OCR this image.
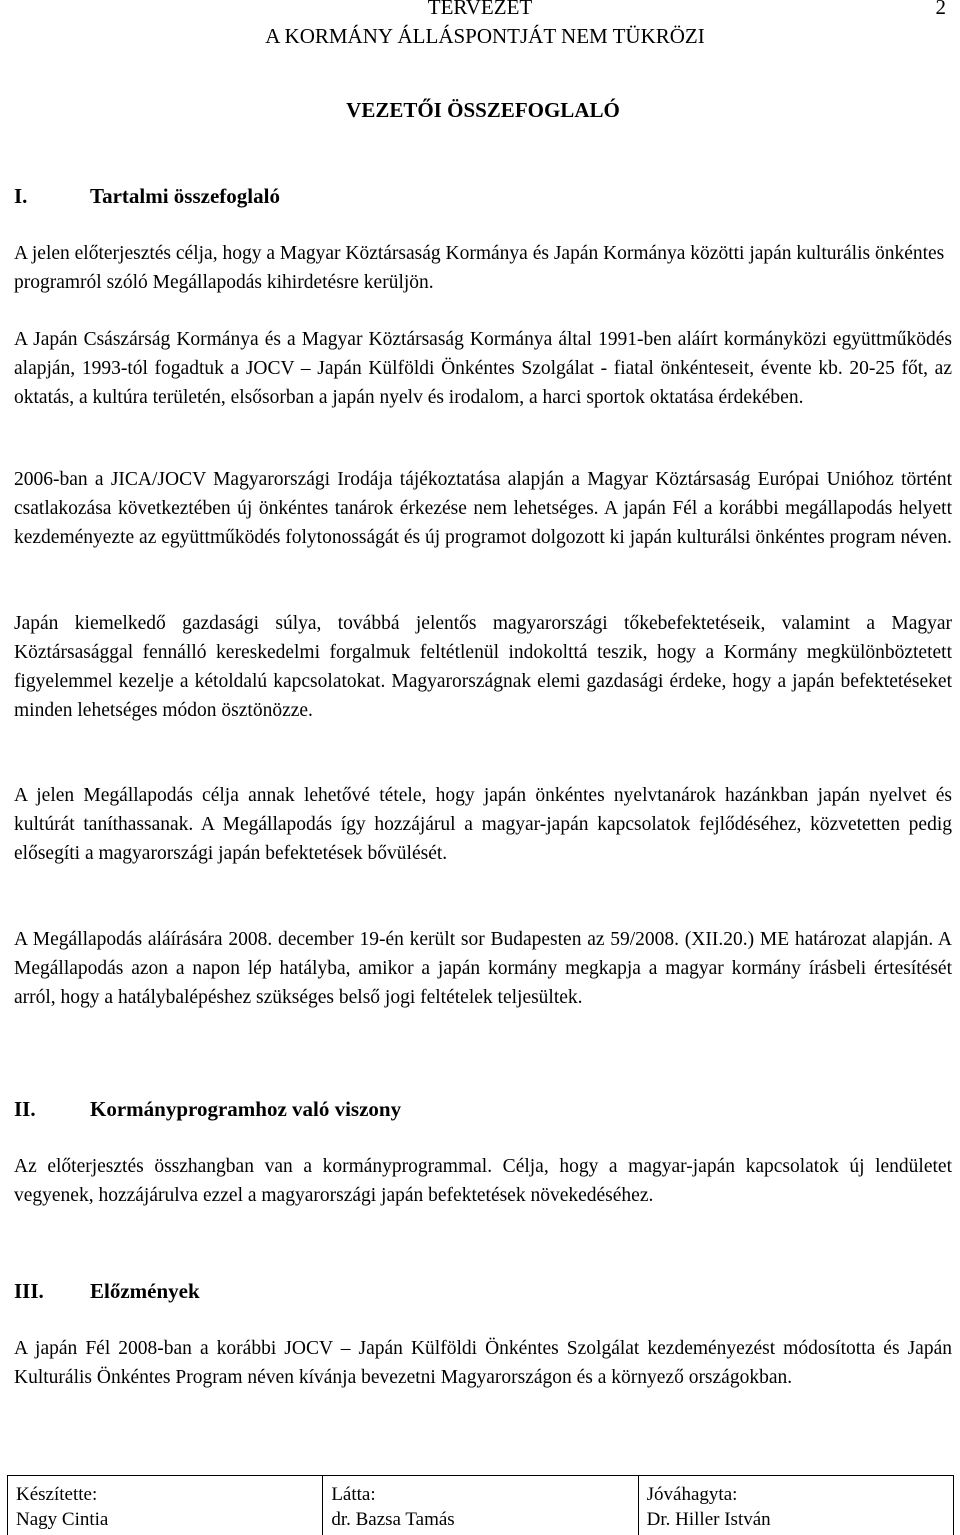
TERVEZET
A KORMÁNY ÁLLÁSPONTJÁT NEM TÜKRÖZI
2
VEZETŐI ÖSSZEFOGLALÓ
I.	Tartalmi összefoglaló

A jelen előterjesztés célja, hogy a Magyar Köztársaság Kormánya és Japán Kormánya közötti japán kulturális önkéntes programról szóló Megállapodás kihirdetésre kerüljön.

A Japán Császárság Kormánya és a Magyar Köztársaság Kormánya által 1991-ben aláírt kormányközi együttműködés alapján, 1993-tól fogadtuk a JOCV – Japán Külföldi Önkéntes Szolgálat - fiatal önkénteseit, évente kb. 20-25 főt, az oktatás, a kultúra területén, elsősorban a japán nyelv és irodalom, a harci sportok oktatása érdekében.

2006-ban a JICA/JOCV Magyarországi Irodája tájékoztatása alapján a Magyar Köztársaság Európai Unióhoz történt csatlakozása következtében új önkéntes tanárok érkezése nem lehetséges. A japán Fél a korábbi megállapodás helyett kezdeményezte az együttműködés folytonosságát és új programot dolgozott ki japán kulturálsi önkéntes program néven.

Japán kiemelkedő gazdasági súlya, továbbá jelentős magyarországi tőkebefektetéseik, valamint a Magyar Köztársasággal fennálló kereskedelmi forgalmuk feltétlenül indokolttá teszik, hogy a Kormány megkülönböztetett figyelemmel kezelje a kétoldalú kapcsolatokat. Magyarországnak elemi gazdasági érdeke, hogy a japán befektetéseket minden lehetséges módon ösztönözze.

A jelen Megállapodás célja annak lehetővé tétele, hogy japán önkéntes nyelvtanárok hazánkban japán nyelvet és kultúrát taníthassanak. A Megállapodás így hozzájárul a magyar-japán kapcsolatok fejlődéséhez, közvetetten pedig elősegíti a magyarországi japán befektetések bővülését.

A Megállapodás aláírására 2008. december 19-én került sor Budapesten az 59/2008. (XII.20.) ME határozat alapján. A Megállapodás azon a napon lép hatályba, amikor a japán kormány megkapja a magyar kormány írásbeli értesítését arról, hogy a hatálybalépéshez szükséges belső jogi feltételek teljesültek.

II.	Kormányprogramhoz való viszony

Az előterjesztés összhangban van a kormányprogrammal. Célja, hogy a magyar-japán kapcsolatok új lendületet vegyenek, hozzájárulva ezzel a magyarországi japán befektetések növekedéséhez.

III. Előzmények

A japán Fél 2008-ban a korábbi JOCV – Japán Külföldi Önkéntes Szolgálat kezdeményezést módosította és Japán Kulturális Önkéntes Program néven kívánja bevezetni Magyarországon és a környező országokban.

Készítette:
Nagy Cintia

Látta:
dr. Bazsa Tamás

Jóváhagyta:
Dr. Hiller István
